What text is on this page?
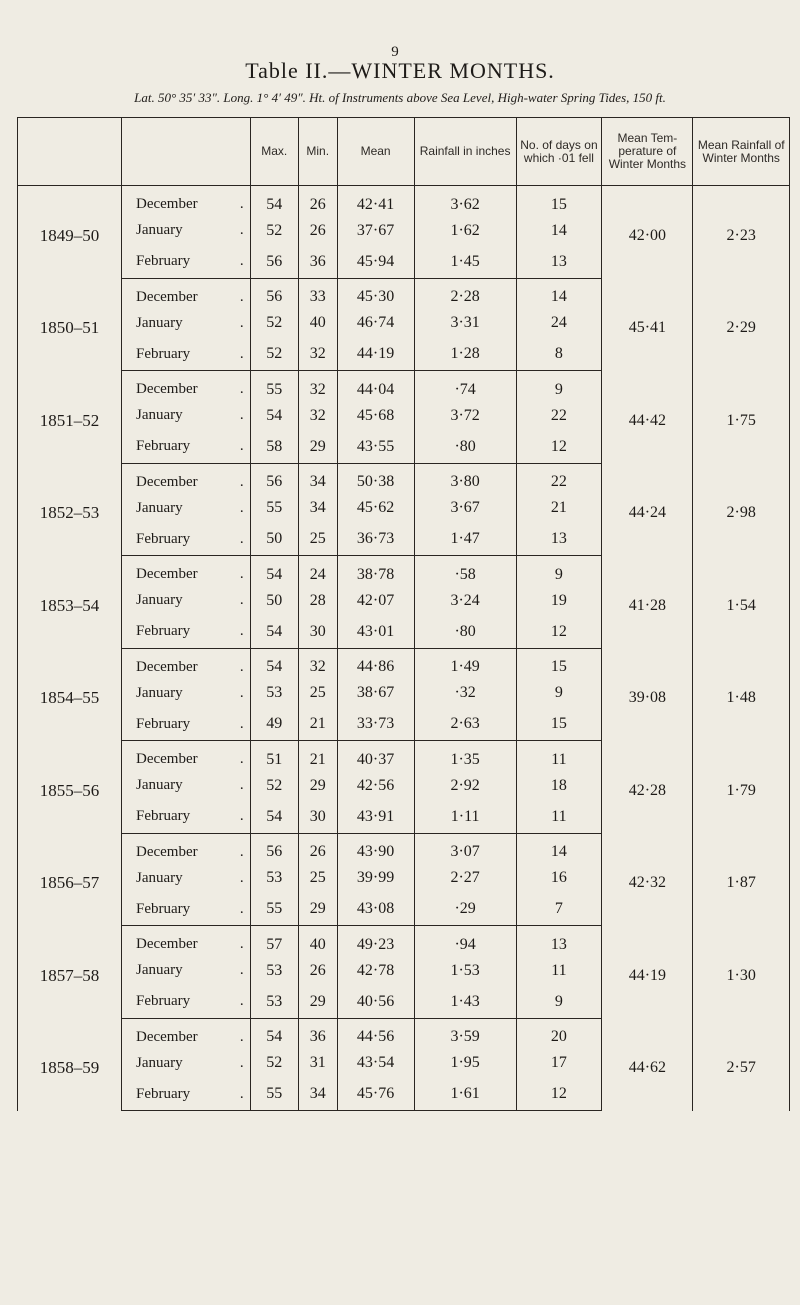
9
Table II.—WINTER MONTHS.
Lat. 50° 35′ 33″. Long. 1° 4′ 49″. Ht. of Instruments above Sea Level, High-water Spring Tides, 150 ft.
		Max.	Min.	Mean	Rainfall in inches	No. of days on which ·01 fell	Mean Tem- perature of Winter Months	Mean Rainfall of Winter Months
1849–50	December .	54	26	42·41	3·62	15	42·00	2·23
	January .	52	26	37·67	1·62	14		
	February .	56	36	45·94	1·45	13		
1850–51	December .	56	33	45·30	2·28	14	45·41	2·29
	January .	52	40	46·74	3·31	24		
	February .	52	32	44·19	1·28	8		
1851–52	December .	55	32	44·04	·74	9	44·42	1·75
	January .	54	32	45·68	3·72	22		
	February .	58	29	43·55	·80	12		
1852–53	December .	56	34	50·38	3·80	22	44·24	2·98
	January .	55	34	45·62	3·67	21		
	February .	50	25	36·73	1·47	13		
1853–54	December .	54	24	38·78	·58	9	41·28	1·54
	January .	50	28	42·07	3·24	19		
	February .	54	30	43·01	·80	12		
1854–55	December .	54	32	44·86	1·49	15	39·08	1·48
	January .	53	25	38·67	·32	9		
	February .	49	21	33·73	2·63	15		
1855–56	December .	51	21	40·37	1·35	11	42·28	1·79
	January .	52	29	42·56	2·92	18		
	February .	54	30	43·91	1·11	11		
1856–57	December .	56	26	43·90	3·07	14	42·32	1·87
	January .	53	25	39·99	2·27	16		
	February .	55	29	43·08	·29	7		
1857–58	December .	57	40	49·23	·94	13	44·19	1·30
	January .	53	26	42·78	1·53	11		
	February .	53	29	40·56	1·43	9		
1858–59	December .	54	36	44·56	3·59	20	44·62	2·57
	January .	52	31	43·54	1·95	17		
	February .	55	34	45·76	1·61	12		
